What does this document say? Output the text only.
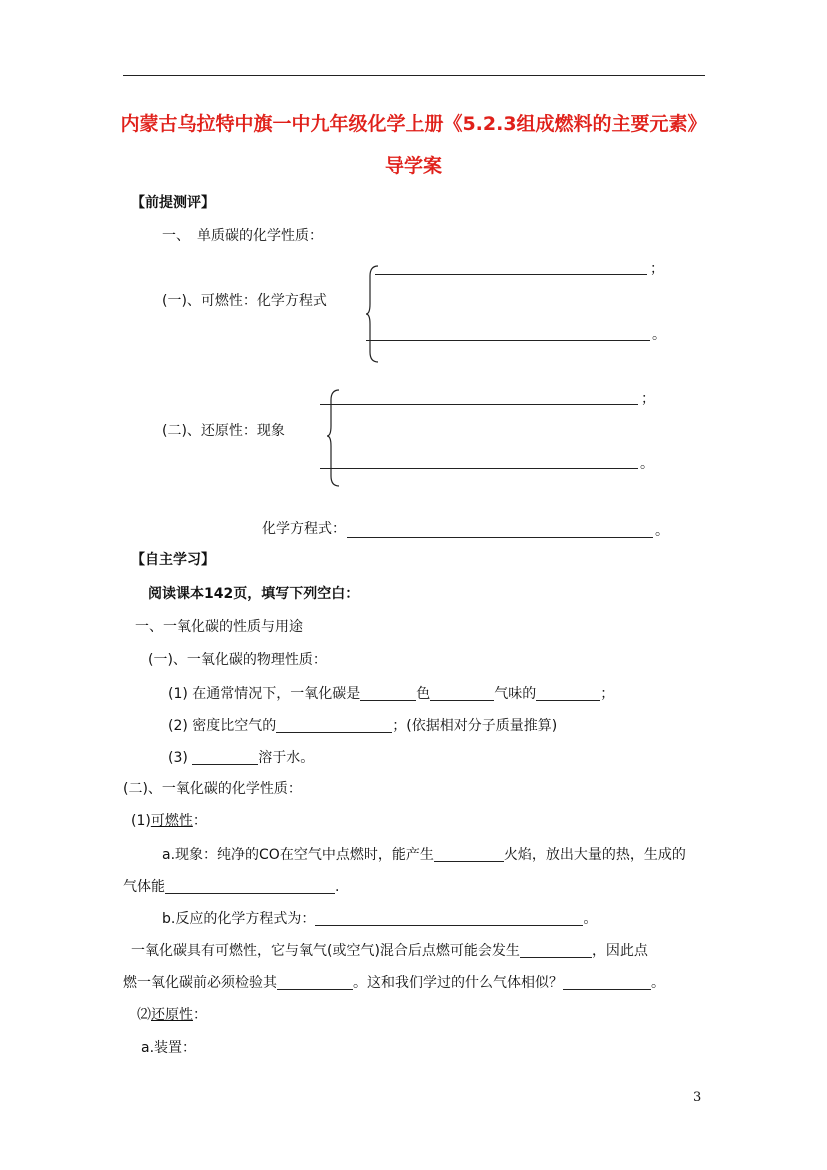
内蒙古乌拉特中旗一中九年级化学上册《5.2.3组成燃料的主要元素》
导学案
【前提测评】
一、　单质碳的化学性质：
(一)、可燃性：化学方程式
；
。
(二)、还原性：现象
；
。
化学方程式：	。
【自主学习】
阅读课本142页，填写下列空白：
一、一氧化碳的性质与用途
(一)、一氧化碳的物理性质：
(1) 在通常情况下，一氧化碳是	色	气味的	；
(2) 密度比空气的	；(依据相对分子质量推算)
(3)	溶于水。
(二)、一氧化碳的化学性质：
(1)可燃性：
a.现象：纯净的CO在空气中点燃时，能产生	火焰，放出大量的热，生成的
气体能	.
b.反应的化学方程式为：	。
一氧化碳具有可燃性，它与氧气(或空气)混合后点燃可能会发生	，因此点
燃一氧化碳前必须检验其	。这和我们学过的什么气体相似？	。
⑵还原性：
a.装置：
3
